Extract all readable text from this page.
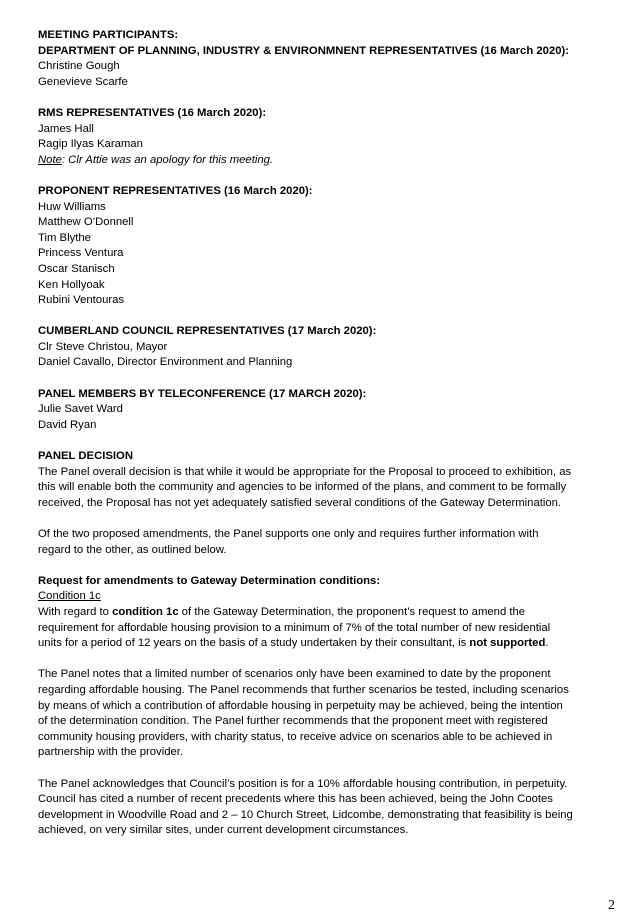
MEETING PARTICIPANTS:
DEPARTMENT OF PLANNING, INDUSTRY & ENVIRONMNENT REPRESENTATIVES (16 March 2020):
Christine Gough
Genevieve Scarfe
RMS REPRESENTATIVES (16 March 2020):
James Hall
Ragip Ilyas Karaman
Note: Clr Attie was an apology for this meeting.
PROPONENT REPRESENTATIVES (16 March 2020):
Huw Williams
Matthew O’Donnell
Tim Blythe
Princess Ventura
Oscar Stanisch
Ken Hollyoak
Rubini Ventouras
CUMBERLAND COUNCIL REPRESENTATIVES (17 March 2020):
Clr Steve Christou, Mayor
Daniel Cavallo, Director Environment and Planning
PANEL MEMBERS BY TELECONFERENCE (17 MARCH 2020):
Julie Savet Ward
David Ryan
PANEL DECISION
The Panel overall decision is that while it would be appropriate for the Proposal to proceed to exhibition, as
this will enable both the community and agencies to be informed of the plans, and comment to be formally
received, the Proposal has not yet adequately satisfied several conditions of the Gateway Determination.
Of the two proposed amendments, the Panel supports one only and requires further information with
regard to the other, as outlined below.
Request for amendments to Gateway Determination conditions:
Condition 1c
With regard to condition 1c of the Gateway Determination, the proponent’s request to amend the
requirement for affordable housing provision to a minimum of 7% of the total number of new residential
units for a period of 12 years on the basis of a study undertaken by their consultant, is not supported.
The Panel notes that a limited number of scenarios only have been examined to date by the proponent
regarding affordable housing. The Panel recommends that further scenarios be tested, including scenarios
by means of which a contribution of affordable housing in perpetuity may be achieved, being the intention
of the determination condition. The Panel further recommends that the proponent meet with registered
community housing providers, with charity status, to receive advice on scenarios able to be achieved in
partnership with the provider.
The Panel acknowledges that Council’s position is for a 10% affordable housing contribution, in perpetuity.
Council has cited a number of recent precedents where this has been achieved, being the John Cootes
development in Woodville Road and 2 – 10 Church Street, Lidcombe, demonstrating that feasibility is being
achieved, on very similar sites, under current development circumstances.
2
